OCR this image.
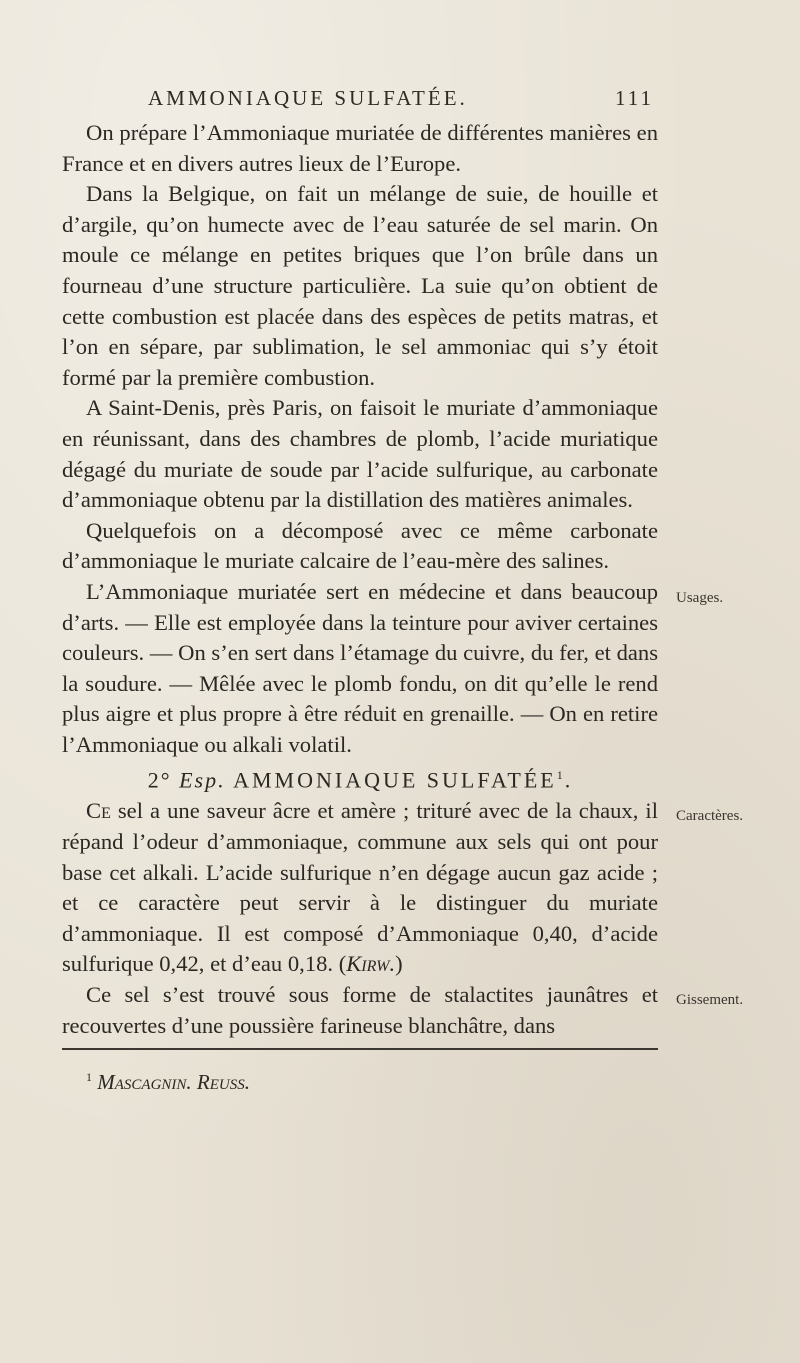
AMMONIAQUE SULFATÉE.	111

On prépare l’Ammoniaque muriatée de différentes manières en France et en divers autres lieux de l’Europe.

Dans la Belgique, on fait un mélange de suie, de houille et d’argile, qu’on humecte avec de l’eau saturée de sel marin. On moule ce mélange en petites briques que l’on brûle dans un fourneau d’une structure particulière. La suie qu’on obtient de cette combustion est placée dans des espèces de petits matras, et l’on en sépare, par sublimation, le sel ammoniac qui s’y étoit formé par la première combustion.

A Saint-Denis, près Paris, on faisoit le muriate d’ammoniaque en réunissant, dans des chambres de plomb, l’acide muriatique dégagé du muriate de soude par l’acide sulfurique, au carbonate d’ammoniaque obtenu par la distillation des matières animales.

Quelquefois on a décomposé avec ce même carbonate d’ammoniaque le muriate calcaire de l’eau-mère des salines.

L’Ammoniaque muriatée sert en médecine et dans beaucoup d’arts. — Elle est employée dans la teinture pour aviver certaines couleurs. — On s’en sert dans l’étamage du cuivre, du fer, et dans la soudure. — Mêlée avec le plomb fondu, on dit qu’elle le rend plus aigre et plus propre à être réduit en grenaille. — On en retire l’Ammoniaque ou alkali volatil.

2° Esp. AMMONIAQUE SULFATÉE$^1$.

Ce sel a une saveur âcre et amère ; trituré avec de la chaux, il répand l’odeur d’ammoniaque, commune aux sels qui ont pour base cet alkali. L’acide sulfurique n’en dégage aucun gaz acide ; et ce caractère peut servir à le distinguer du muriate d’ammoniaque. Il est composé d’Ammoniaque 0,40, d’acide sulfurique 0,42, et d’eau 0,18. (Kirw.)

Ce sel s’est trouvé sous forme de stalactites jaunâtres et recouvertes d’une poussière farineuse blanchâtre, dans

Usages.
Caractères.
Gissement.
$^1$ Mascagnin. Reuss.
